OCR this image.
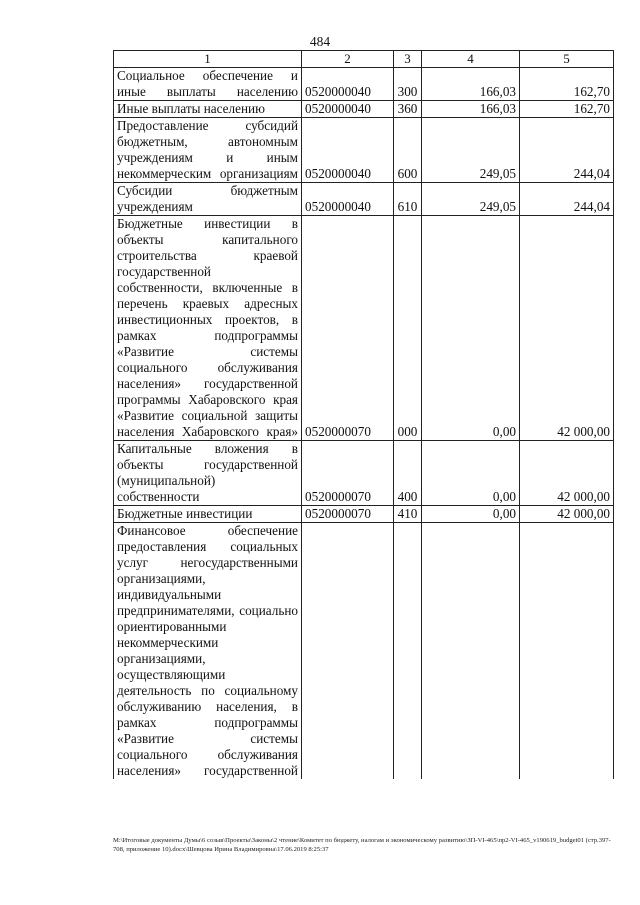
484
1	2	3	4	5
Социальное обеспечение и иные выплаты населению	0520000040	300	166,03	162,70
Иные выплаты населению	0520000040	360	166,03	162,70
Предоставление субсидий бюджетным, автономным учреждениям и иным некоммерческим организациям	0520000040	600	249,05	244,04
Субсидии бюджетным учреждениям	0520000040	610	249,05	244,04
Бюджетные инвестиции в объекты капитального строительства краевой государственной собственности, включенные в перечень краевых адресных инвестиционных проектов, в рамках подпрограммы «Развитие системы социального обслуживания населения» государственной программы Хабаровского края «Развитие социальной защиты населения Хабаровского края»	0520000070	000	0,00	42 000,00
Капитальные вложения в объекты государственной (муниципальной) собственности	0520000070	400	0,00	42 000,00
Бюджетные инвестиции	0520000070	410	0,00	42 000,00
Финансовое обеспечение предоставления социальных услуг негосударственными организациями, индивидуальными предпринимателями, социально ориентированными некоммерческими организациями, осуществляющими деятельность по социальному обслуживанию населения, в рамках подпрограммы «Развитие системы социального обслуживания населения» государственной				
M:\Итоговые документы Думы\6 созыв\Проекты\Законы\2 чтение\Комитет по бюджету, налогам и экономическому развитию\ЗП-VI-465\пр2-VI-465_v190619_budget01 (стр.397-708, приложение 10).docx\Шевцова Ирина Владимировна\17.06.2019 8:25:37
